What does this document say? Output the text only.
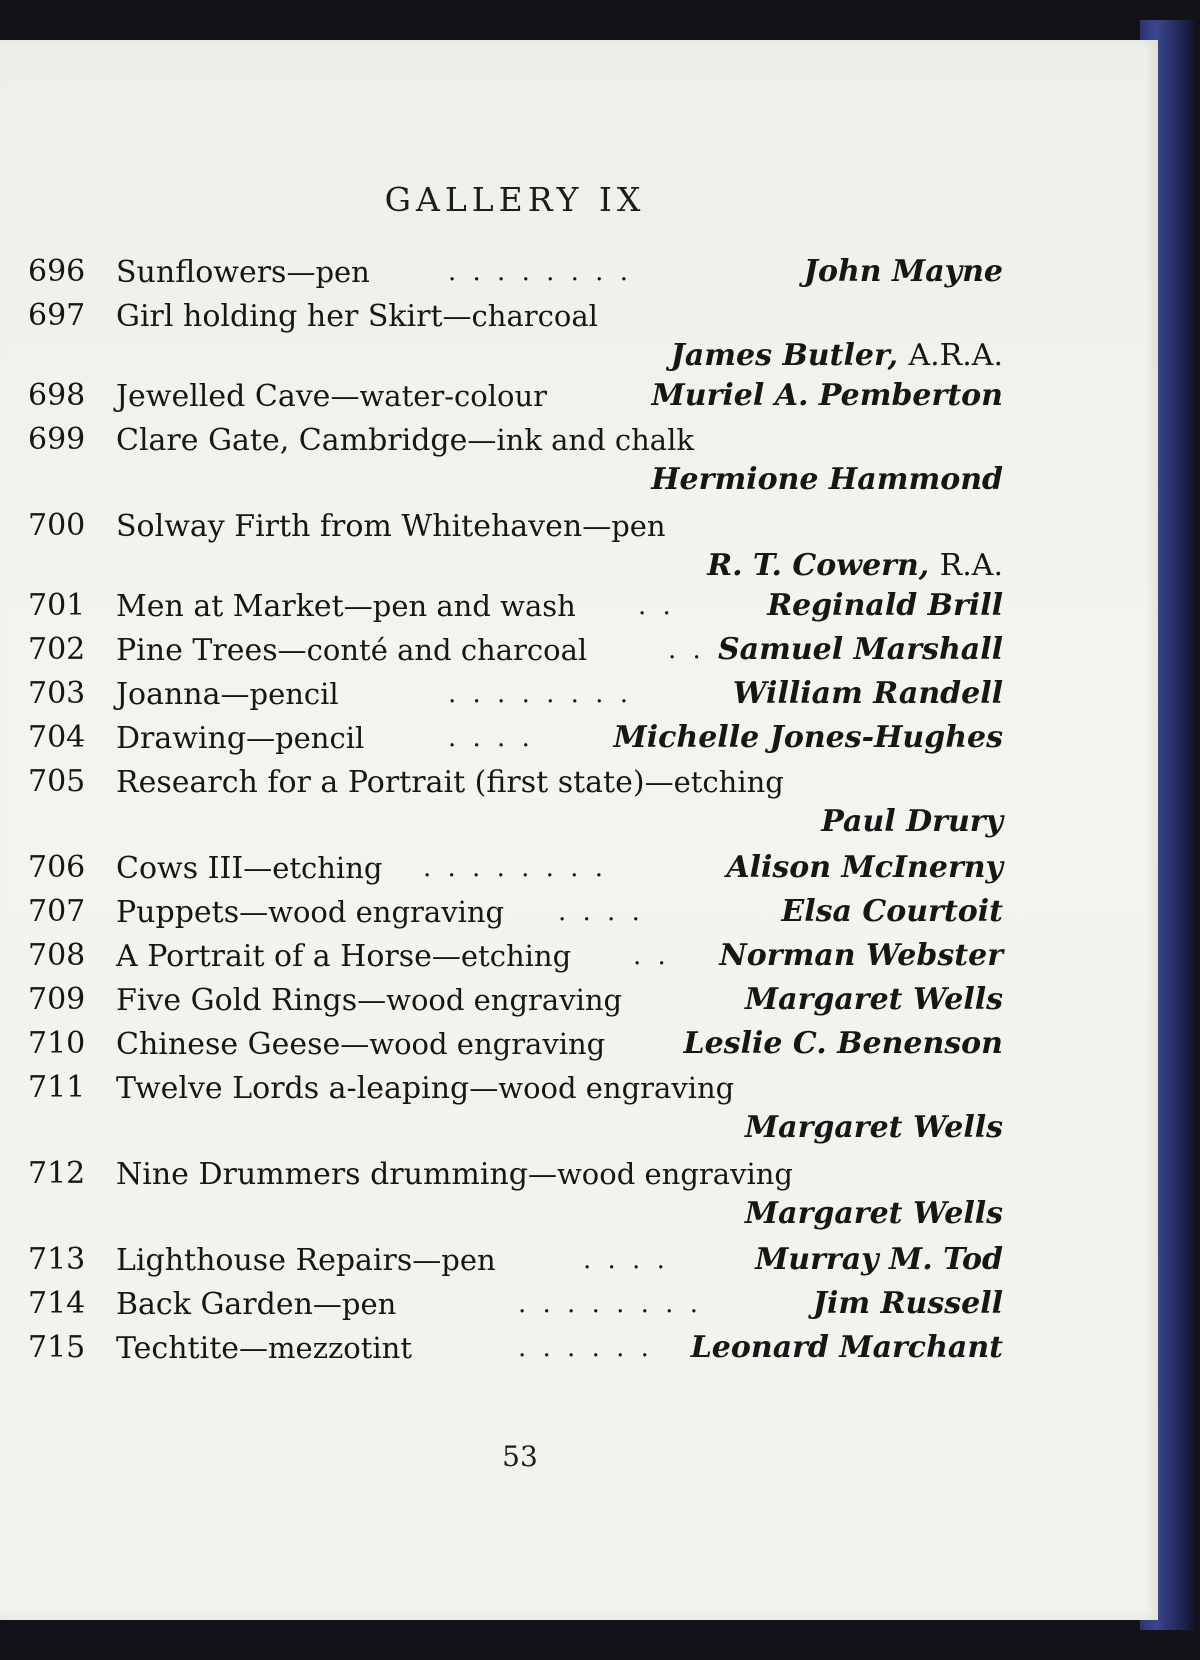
GALLERY IX
696	Sunflowers—pen	. . . . . . . .	John Mayne
697	Girl holding her Skirt—charcoal
James Butler, A.R.A.
698	Jewelled Cave—water-colour	Muriel A. Pemberton
699	Clare Gate, Cambridge—ink and chalk
Hermione Hammond
700	Solway Firth from Whitehaven—pen
R. T. Cowern, R.A.
701	Men at Market—pen and wash . .	Reginald Brill
702	Pine Trees—conté and charcoal	. . Samuel Marshall
703	Joanna—pencil	. . . . . . . .	William Randell
704	Drawing—pencil	. . . .	Michelle Jones-Hughes
705	Research for a Portrait (first state)—etching
Paul Drury
706	Cows III—etching . . . . . . . .	Alison McInerny
707	Puppets—wood engraving . . . .	Elsa Courtoit
708	A Portrait of a Horse—etching . . Norman Webster
709	Five Gold Rings—wood engraving	Margaret Wells
710	Chinese Geese—wood engraving	Leslie C. Benenson
711	Twelve Lords a-leaping—wood engraving
Margaret Wells
712	Nine Drummers drumming—wood engraving
Margaret Wells
713	Lighthouse Repairs—pen	. . . .	Murray M. Tod
714	Back Garden—pen	. . . . . . . .	Jim Russell
715	Techtite—mezzotint	. . . . . . Leonard Marchant
53
